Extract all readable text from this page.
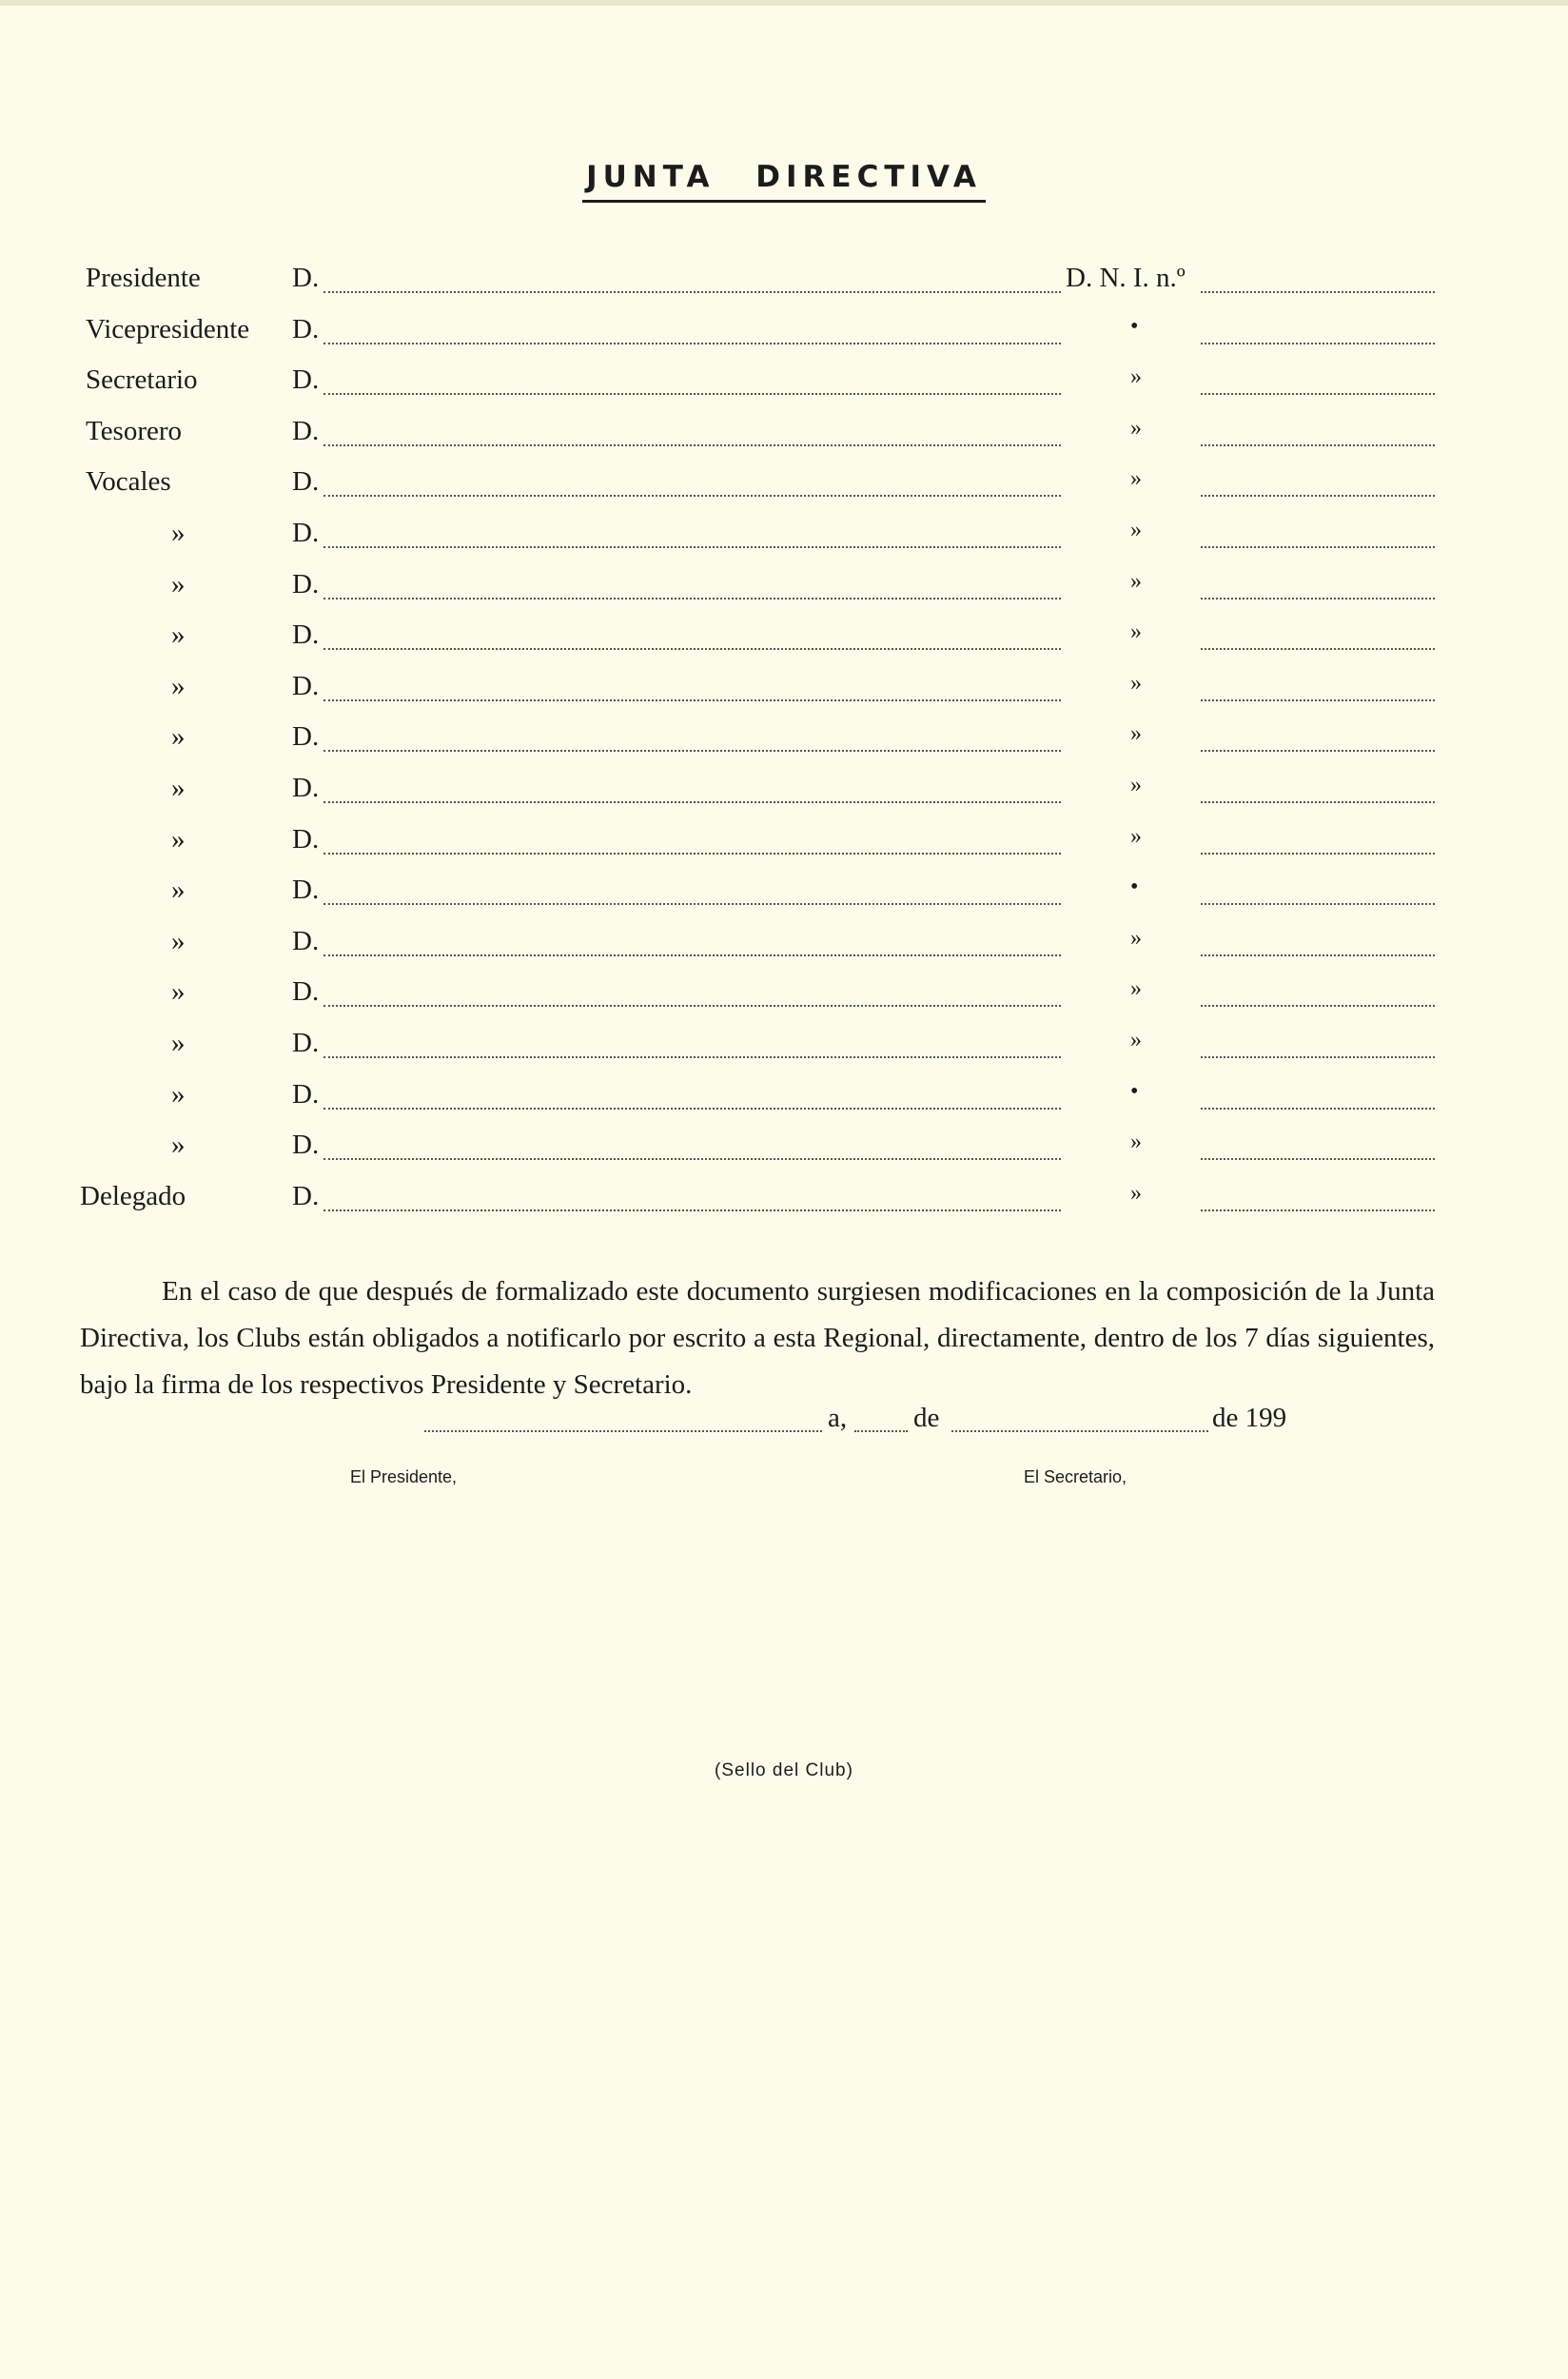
JUNTA DIRECTIVA
Presidente	D.	D. N. I. n.º
Vicepresidente D.	•
Secretario	D.	»
Tesorero	D.	»
Vocales	D.	»
»	D.	»
»	D.	»
»	D.	»
»	D.	»
»	D.	»
»	D.	»
»	D.	»
»	D.	•
»	D.	»
»	D.	»
»	D.	»
»	D.	•
»	D.	»
Delegado	D.	»

En el caso de que después de formalizado este documento surgiesen modificaciones en la composición de la Junta Directiva, los Clubs están obligados a notificarlo por escrito a esta Regional, directamente, dentro de los 7 días siguientes, bajo la firma de los respectivos Presidente y Secretario.

a, de	de 199
El Presidente,	El Secretario,
(Sello del Club)
